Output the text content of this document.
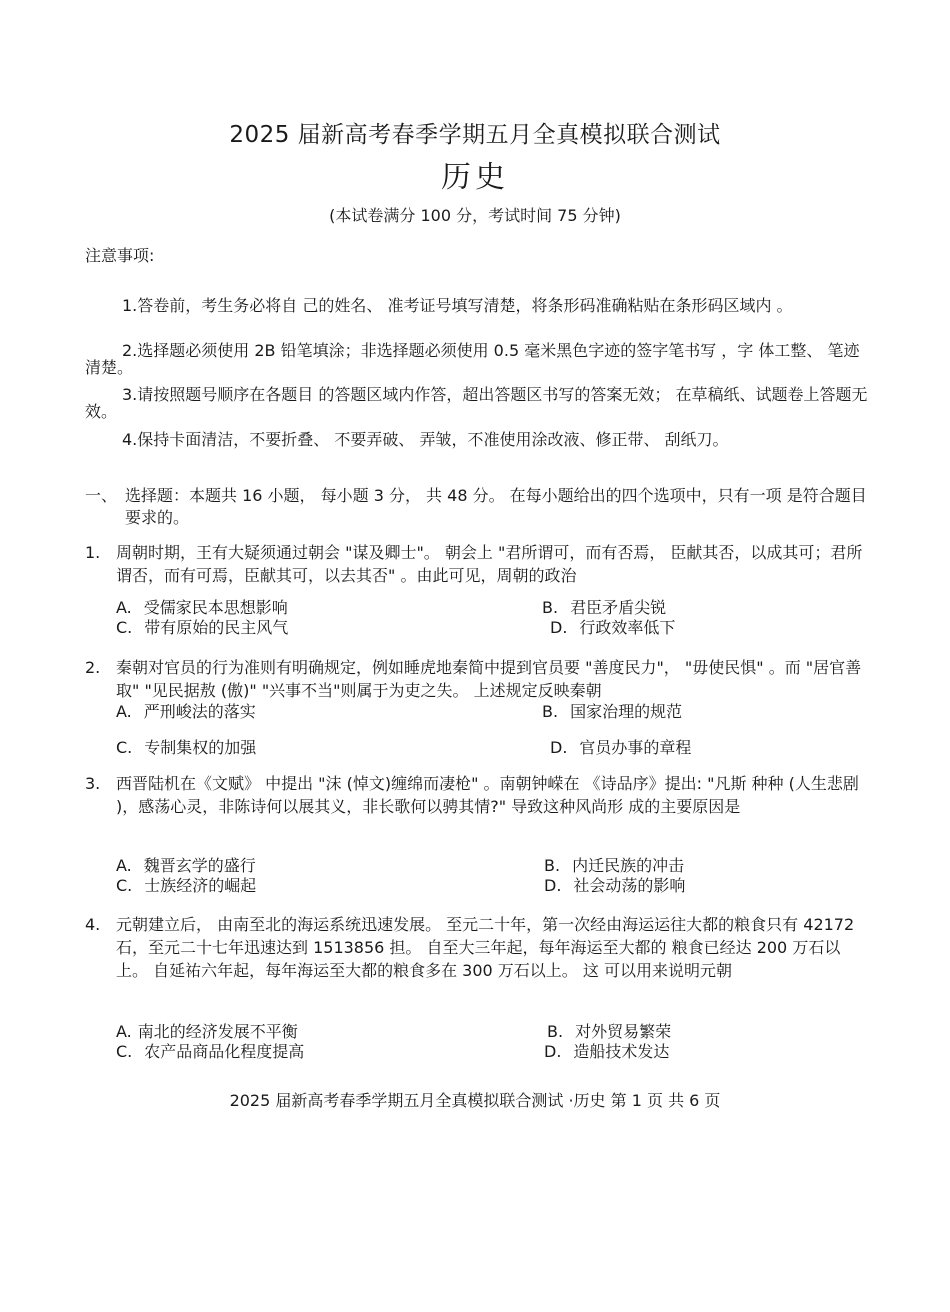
2025 届新高考春季学期五月全真模拟联合测试
历史
(本试卷满分 100 分，考试时间 75 分钟)
注意事项:
1.答卷前，考生务必将自 己的姓名、 准考证号填写清楚，将条形码准确粘贴在条形码区域内 。
2.选择题必须使用 2B 铅笔填涂；非选择题必须使用 0.5 毫米黑色字迹的签字笔书写 ，字 体工整、 笔迹清楚。
3.请按照题号顺序在各题目 的答题区域内作答，超出答题区书写的答案无效； 在草稿纸、试题卷上答题无效。
4.保持卡面清洁，不要折叠、 不要弄破、 弄皱，不准使用涂改液、修正带、 刮纸刀。
一、 选择题：本题共 16 小题， 每小题 3 分， 共 48 分。 在每小题给出的四个选项中，只有一项 是符合题目要求的。
1. 周朝时期，王有大疑须通过朝会 "谋及卿士"。 朝会上 "君所谓可，而有否焉， 臣献其否，以成其可；君所谓否，而有可焉，臣献其可，以去其否" 。由此可见，周朝的政治
A. 受儒家民本思想影响	B. 君臣矛盾尖锐
C. 带有原始的民主风气	D. 行政效率低下
2. 秦朝对官员的行为准则有明确规定，例如睡虎地秦简中提到官员要 "善度民力"， "毋使民惧" 。而 "居官善取" "见民据敖 (傲)" "兴事不当"则属于为吏之失。 上述规定反映秦朝
A. 严刑峻法的落实	B. 国家治理的规范
C. 专制集权的加强	D. 官员办事的章程
3. 西晋陆机在《文赋》 中提出 "沫 (悼文)缠绵而凄枪" 。南朝钟嵘在 《诗品序》提出: "凡斯 种种 (人生悲剧 )，感荡心灵，非陈诗何以展其义，非长歌何以骋其情?" 导致这种风尚形 成的主要原因是
A. 魏晋玄学的盛行	B. 内迁民族的冲击
C. 士族经济的崛起	D. 社会动荡的影响
4. 元朝建立后， 由南至北的海运系统迅速发展。 至元二十年，第一次经由海运运往大都的粮食只有 42172 石，至元二十七年迅速达到 1513856 担。 自至大三年起，每年海运至大都的 粮食已经达 200 万石以上。 自延祐六年起，每年海运至大都的粮食多在 300 万石以上。 这 可以用来说明元朝
A. 南北的经济发展不平衡	B. 对外贸易繁荣
C. 农产品商品化程度提高	D. 造船技术发达
2025 届新高考春季学期五月全真模拟联合测试 ·历史 第 1 页 共 6 页
